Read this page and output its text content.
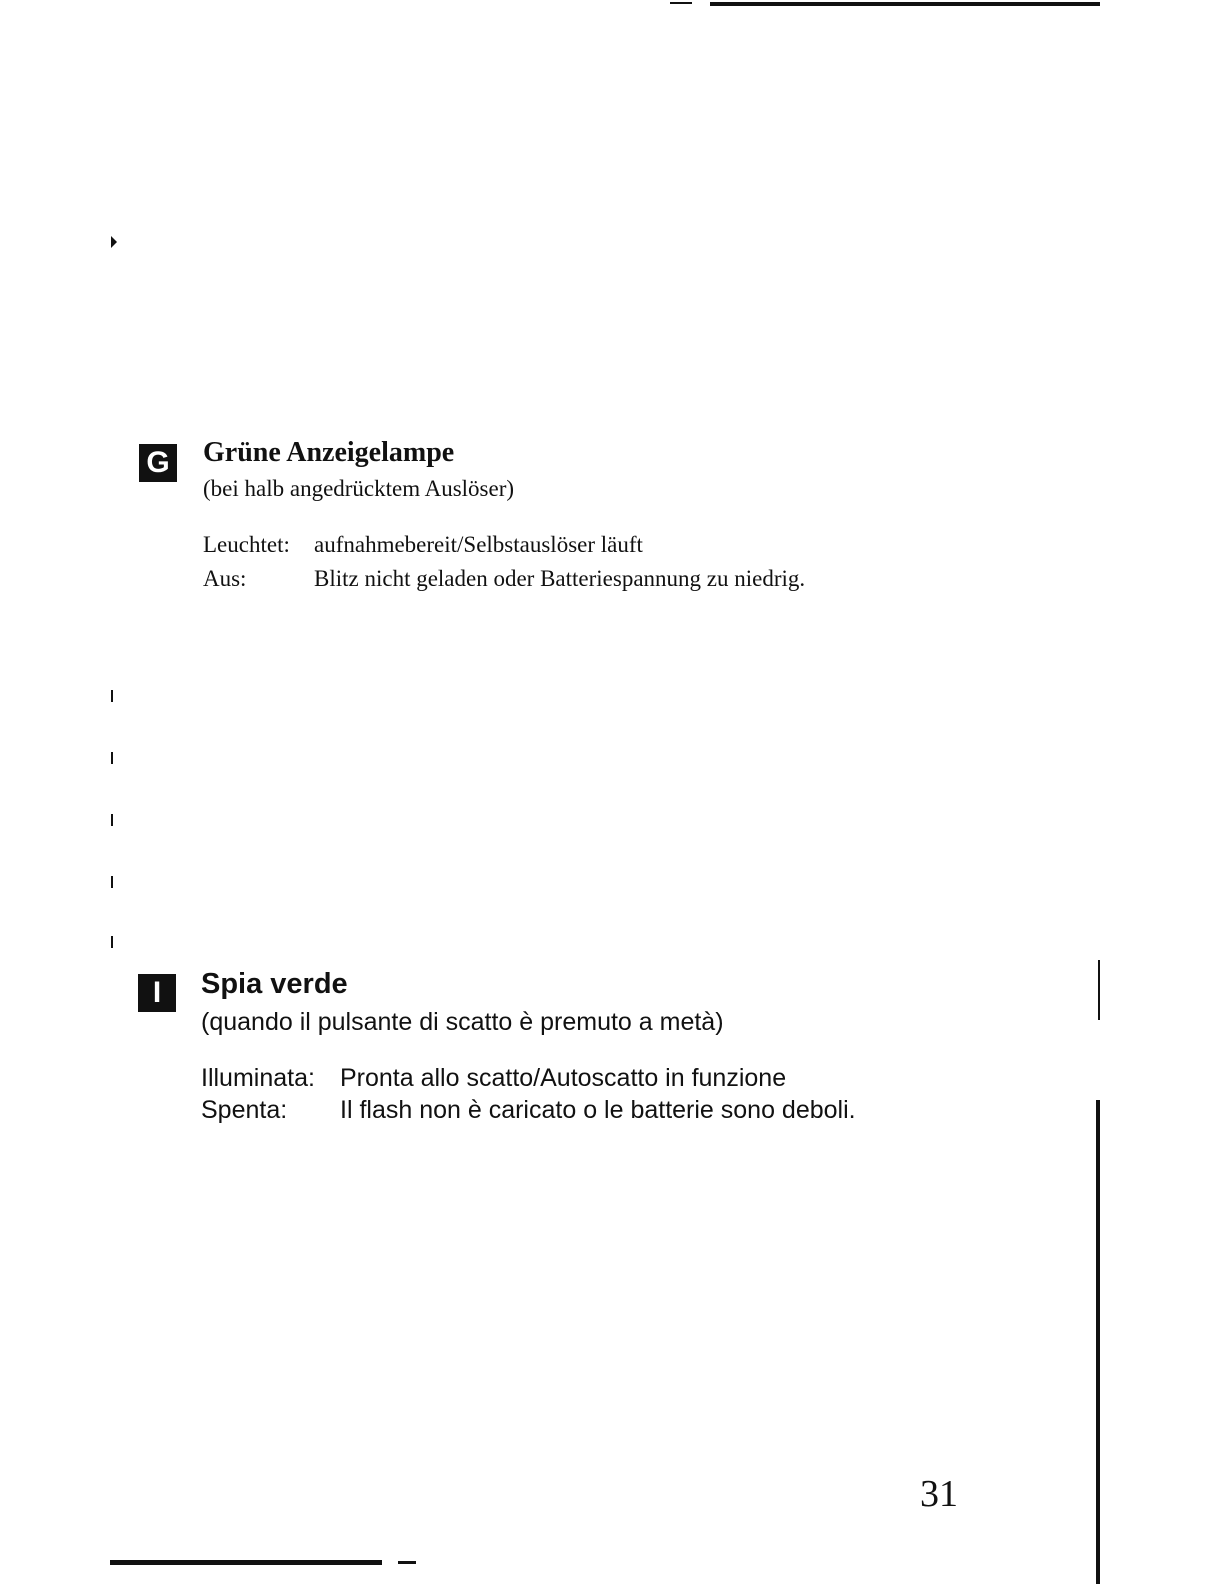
G Grüne Anzeigelampe
(bei halb angedrücktem Auslöser)
Leuchtet: aufnahmebereit/Selbstauslöser läuft
Aus:	Blitz nicht geladen oder Batteriespannung zu niedrig.
I	Spia verde
(quando il pulsante di scatto è premuto a metà)
Illuminata: Pronta allo scatto/Autoscatto in funzione
Spenta: Il flash non è caricato o le batterie sono deboli.
31
